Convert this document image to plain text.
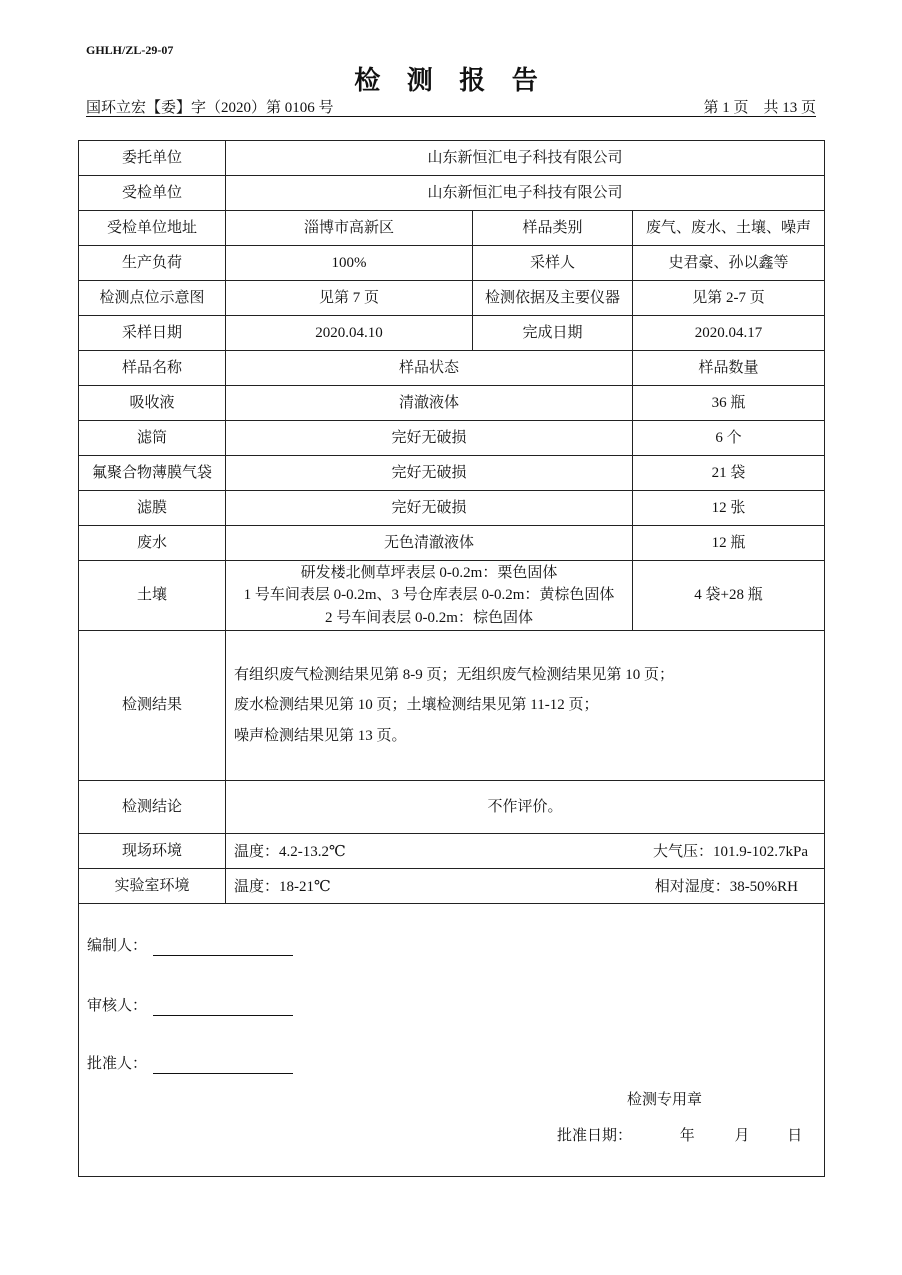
GHLH/ZL-29-07
检 测 报 告
国环立宏【委】字（2020）第 0106 号	第 1 页　共 13 页
委托单位	山东新恒汇电子科技有限公司		
受检单位	山东新恒汇电子科技有限公司		
受检单位地址	淄博市高新区	样品类别	废气、废水、土壤、噪声
生产负荷	100%	采样人	史君豪、孙以鑫等
检测点位示意图	见第 7 页	检测依据及主要仪器	见第 2-7 页
采样日期	2020.04.10	完成日期	2020.04.17
样品名称	样品状态		样品数量
吸收液	清澈液体		36 瓶
滤筒	完好无破损		6 个
氟聚合物薄膜气袋	完好无破损		21 袋
滤膜	完好无破损		12 张
废水	无色清澈液体		12 瓶
土壤	研发楼北侧草坪表层 0-0.2m：栗色固体
1 号车间表层 0-0.2m、3 号仓库表层 0-0.2m：黄棕色固体
2 号车间表层 0-0.2m：棕色固体		4 袋+28 瓶
检测结果	有组织废气检测结果见第 8-9 页；无组织废气检测结果见第 10 页；

废水检测结果见第 10 页；土壤检测结果见第 11-12 页；

噪声检测结果见第 13 页。		

检测结论	不作评价。		
现场环境	温度：4.2-13.2℃ 大气压：101.9-102.7kPa		

实验室环境	温度：18-21℃ 相对湿度：38-50%RH		

编制人：
审核人：
批准人：
检测专用章
批准日期： 年 月 日			
